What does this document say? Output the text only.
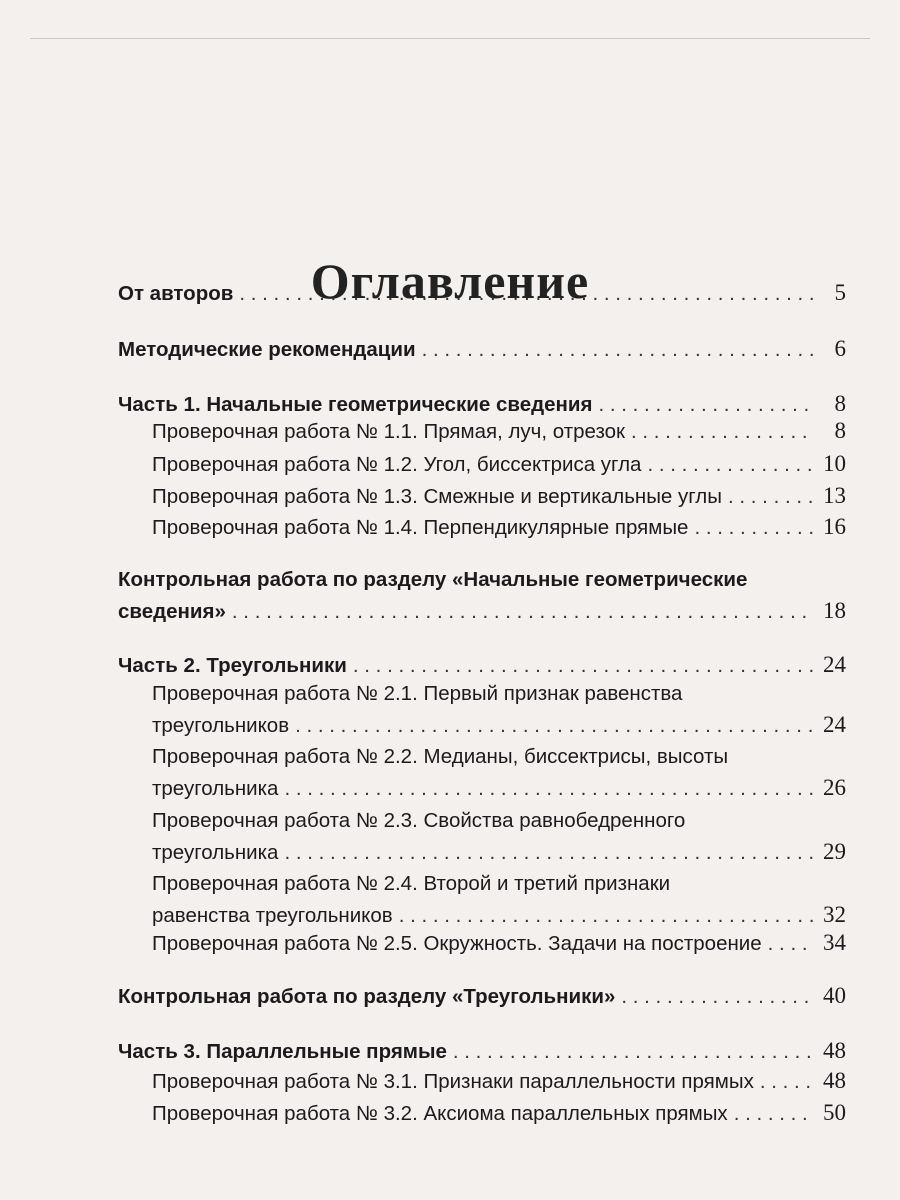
Оглавление
От авторов . . .	5
Методические рекомендации . . .	6
Часть 1. Начальные геометрические сведения . . .	8
Проверочная работа № 1.1. Прямая, луч, отрезок . . .	8
Проверочная работа № 1.2. Угол, биссектриса угла . . .	10
Проверочная работа № 1.3. Смежные и вертикальные углы . . .	13
Проверочная работа № 1.4. Перпендикулярные прямые . . .	16
Контрольная работа по разделу «Начальные геометрические
сведения» . . .	18
Часть 2. Треугольники . . .	24
Проверочная работа № 2.1. Первый признак равенства
треугольников . . .	24
Проверочная работа № 2.2. Медианы, биссектрисы, высоты
треугольника . . .	26
Проверочная работа № 2.3. Свойства равнобедренного
треугольника . . .	29
Проверочная работа № 2.4. Второй и третий признаки
равенства треугольников . . .	32
Проверочная работа № 2.5. Окружность. Задачи на построение . . .	34
Контрольная работа по разделу «Треугольники» . . .	40
Часть 3. Параллельные прямые . . .	48
Проверочная работа № 3.1. Признаки параллельности прямых . . .	48
Проверочная работа № 3.2. Аксиома параллельных прямых . . .	50
